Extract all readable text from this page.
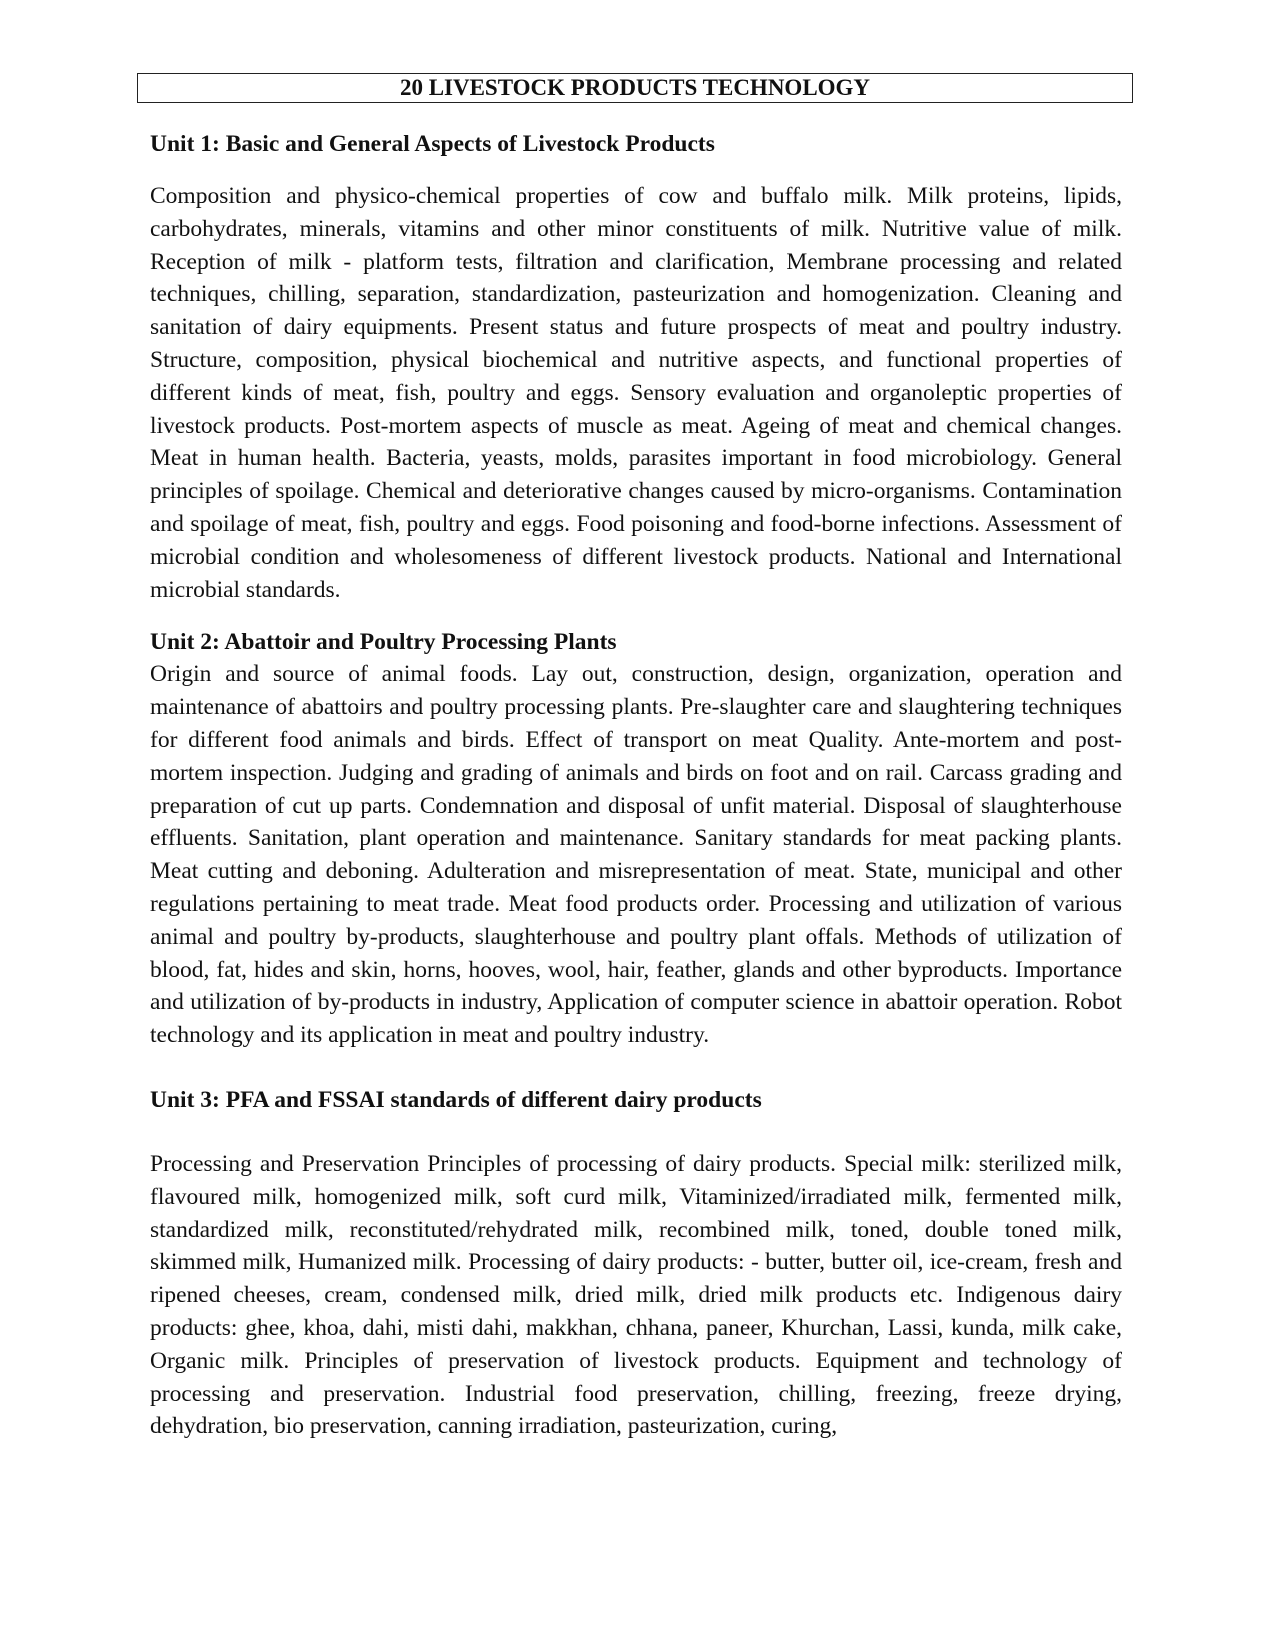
20 LIVESTOCK PRODUCTS TECHNOLOGY
Unit 1: Basic and General Aspects of Livestock Products

Composition and physico-chemical properties of cow and buffalo milk. Milk proteins, lipids, carbohydrates, minerals, vitamins and other minor constituents of milk. Nutritive value of milk. Reception of milk - platform tests, filtration and clarification, Membrane processing and related techniques, chilling, separation, standardization, pasteurization and homogenization. Cleaning and sanitation of dairy equipments. Present status and future prospects of meat and poultry industry. Structure, composition, physical biochemical and nutritive aspects, and functional properties of different kinds of meat, fish, poultry and eggs. Sensory evaluation and organoleptic properties of livestock products. Post-mortem aspects of muscle as meat. Ageing of meat and chemical changes. Meat in human health. Bacteria, yeasts, molds, parasites important in food microbiology. General principles of spoilage. Chemical and deteriorative changes caused by micro-organisms. Contamination and spoilage of meat, fish, poultry and eggs. Food poisoning and food-borne infections. Assessment of microbial condition and wholesomeness of different livestock products. National and International microbial standards.

Unit 2: Abattoir and Poultry Processing Plants

Origin and source of animal foods. Lay out, construction, design, organization, operation and maintenance of abattoirs and poultry processing plants. Pre-slaughter care and slaughtering techniques for different food animals and birds. Effect of transport on meat Quality. Ante-mortem and post-mortem inspection. Judging and grading of animals and birds on foot and on rail. Carcass grading and preparation of cut up parts. Condemnation and disposal of unfit material. Disposal of slaughterhouse effluents. Sanitation, plant operation and maintenance. Sanitary standards for meat packing plants. Meat cutting and deboning. Adulteration and misrepresentation of meat. State, municipal and other regulations pertaining to meat trade. Meat food products order. Processing and utilization of various animal and poultry by-products, slaughterhouse and poultry plant offals. Methods of utilization of blood, fat, hides and skin, horns, hooves, wool, hair, feather, glands and other byproducts. Importance and utilization of by-products in industry, Application of computer science in abattoir operation. Robot technology and its application in meat and poultry industry.

Unit 3: PFA and FSSAI standards of different dairy products

Processing and Preservation Principles of processing of dairy products. Special milk: sterilized milk, flavoured milk, homogenized milk, soft curd milk, Vitaminized/irradiated milk, fermented milk, standardized milk, reconstituted/rehydrated milk, recombined milk, toned, double toned milk, skimmed milk, Humanized milk. Processing of dairy products: - butter, butter oil, ice-cream, fresh and ripened cheeses, cream, condensed milk, dried milk, dried milk products etc. Indigenous dairy products: ghee, khoa, dahi, misti dahi, makkhan, chhana, paneer, Khurchan, Lassi, kunda, milk cake, Organic milk. Principles of preservation of livestock products. Equipment and technology of processing and preservation. Industrial food preservation, chilling, freezing, freeze drying, dehydration, bio preservation, canning irradiation, pasteurization, curing,
